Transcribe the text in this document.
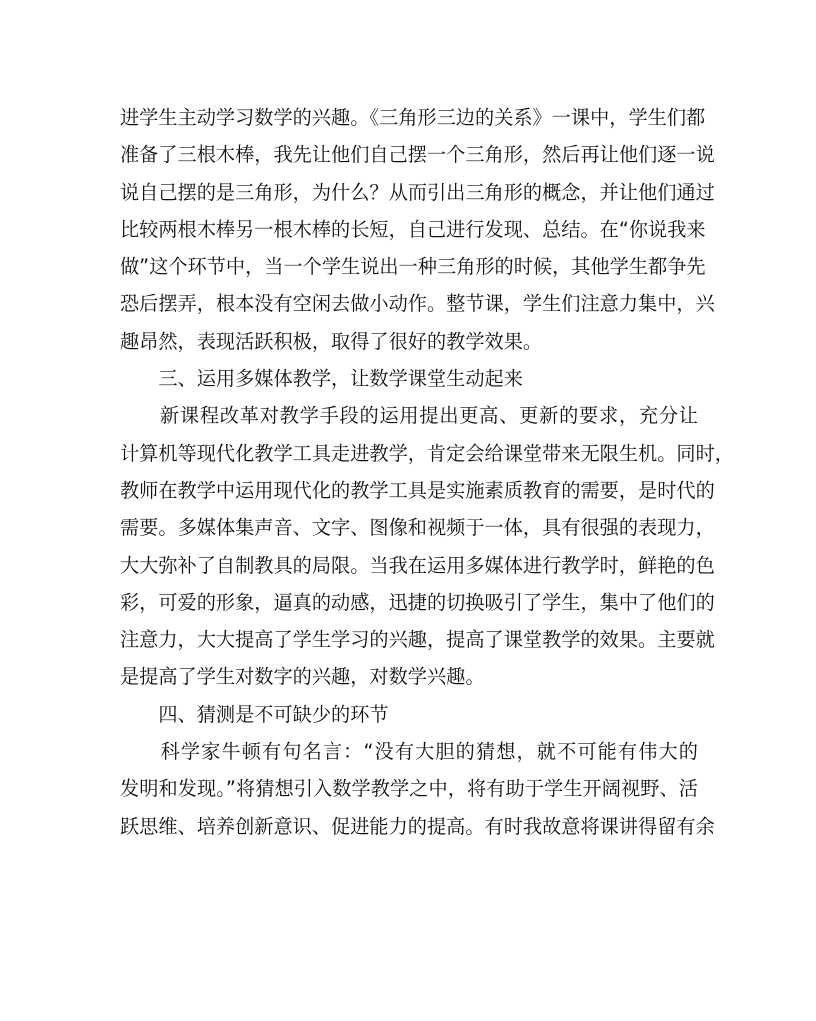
进学生主动学习数学的兴趣。《三角形三边的关系》一课中，学生们都
准备了三根木棒，我先让他们自己摆一个三角形，然后再让他们逐一说
说自己摆的是三角形，为什么？从而引出三角形的概念，并让他们通过
比较两根木棒另一根木棒的长短，自己进行发现、总结。在“你说我来
做”这个环节中，当一个学生说出一种三角形的时候，其他学生都争先
恐后摆弄，根本没有空闲去做小动作。整节课，学生们注意力集中，兴
趣昂然，表现活跃积极，取得了很好的教学效果。
　　三、运用多媒体教学，让数学课堂生动起来
　　新课程改革对教学手段的运用提出更高、更新的要求，充分让
计算机等现代化教学工具走进教学，肯定会给课堂带来无限生机。同时，
教师在教学中运用现代化的教学工具是实施素质教育的需要，是时代的
需要。多媒体集声音、文字、图像和视频于一体，具有很强的表现力，
大大弥补了自制教具的局限。当我在运用多媒体进行教学时，鲜艳的色
彩，可爱的形象，逼真的动感，迅捷的切换吸引了学生，集中了他们的
注意力，大大提高了学生学习的兴趣，提高了课堂教学的效果。主要就
是提高了学生对数字的兴趣，对数学兴趣。
　　四、猜测是不可缺少的环节
　　科学家牛顿有句名言：“没有大胆的猜想，就不可能有伟大的
发明和发现。”将猜想引入数学教学之中，将有助于学生开阔视野、活
跃思维、培养创新意识、促进能力的提高。有时我故意将课讲得留有余
